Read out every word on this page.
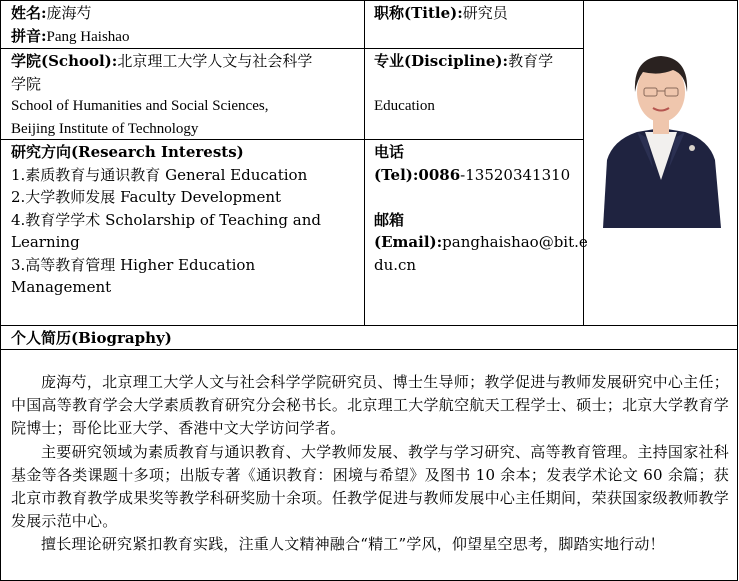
姓名:庞海芍
拼音:Pang Haishao
职称(Title):研究员
学院(School):北京理工大学人文与社会科学
学院
School of Humanities and Social Sciences,
Beijing Institute of Technology
专业(Discipline):教育学
Education
研究方向(Research Interests)
1.素质教育与通识教育 General Education
2.大学教师发展 Faculty Development
4.教育学学术 Scholarship of Teaching and
Learning
3.高等教育管理 Higher Education
Management
电话
(Tel):0086-13520341310
邮箱
(Email):panghaishao@bit.e
du.cn
个人简历(Biography)

庞海芍，北京理工大学人文与社会科学学院研究员、博士生导师；教学促进与教师发展研究中心主任；中国高等教育学会大学素质教育研究分会秘书长。北京理工大学航空航天工程学士、硕士；北京大学教育学院博士；哥伦比亚大学、香港中文大学访问学者。

主要研究领域为素质教育与通识教育、大学教师发展、教学与学习研究、高等教育管理。主持国家社科基金等各类课题十多项；出版专著《通识教育：困境与希望》及图书 10 余本；发表学术论文 60 余篇；获北京市教育教学成果奖等教学科研奖励十余项。任教学促进与教师发展中心主任期间，荣获国家级教师教学发展示范中心。

擅长理论研究紧扣教育实践，注重人文精神融合“精工”学风，仰望星空思考，脚踏实地行动！
